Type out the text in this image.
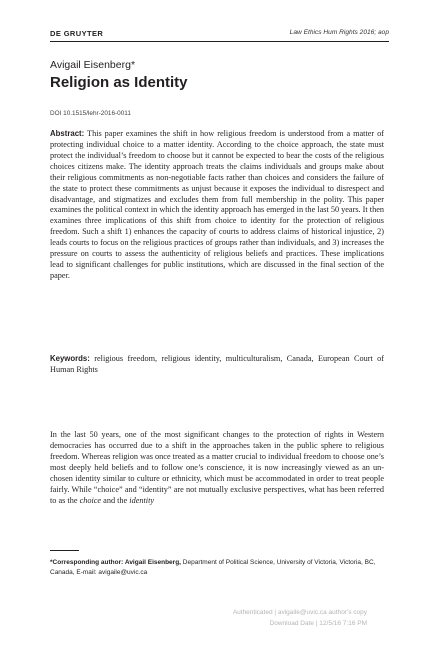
DE GRUYTER	Law Ethics Hum Rights 2016; aop
Avigail Eisenberg*
Religion as Identity
DOI 10.1515/lehr-2016-0011
Abstract: This paper examines the shift in how religious freedom is understood from a matter of protecting individual choice to a matter identity. According to the choice approach, the state must protect the individual’s freedom to choose but it cannot be expected to bear the costs of the religious choices citizens make. The identity approach treats the claims individuals and groups make about their religious commitments as non-negotiable facts rather than choices and considers the failure of the state to protect these commitments as unjust because it exposes the individual to disrespect and disadvantage, and stigmatizes and excludes them from full membership in the polity. This paper examines the political context in which the identity approach has emerged in the last 50 years. It then examines three implications of this shift from choice to identity for the protection of religious freedom. Such a shift 1) enhances the capacity of courts to address claims of historical injustice, 2) leads courts to focus on the religious practices of groups rather than individuals, and 3) increases the pressure on courts to assess the authenticity of religious beliefs and practices. These implications lead to significant challenges for public institutions, which are discussed in the final section of the paper.
Keywords: religious freedom, religious identity, multiculturalism, Canada, European Court of Human Rights
In the last 50 years, one of the most significant changes to the protection of rights in Western democracies has occurred due to a shift in the approaches taken in the public sphere to religious freedom. Whereas religion was once treated as a matter crucial to individual freedom to choose one’s most deeply held beliefs and to follow one’s conscience, it is now increasingly viewed as an un-chosen identity similar to culture or ethnicity, which must be accommodated in order to treat people fairly. While “choice” and “identity” are not mutually exclusive perspectives, what has been referred to as the choice and the identity
*Corresponding author: Avigail Eisenberg, Department of Political Science, University of Victoria, Victoria, BC, Canada, E-mail: avigaile@uvic.ca
Authenticated | avigaile@uvic.ca author's copy
Download Date | 12/5/16 7:16 PM
